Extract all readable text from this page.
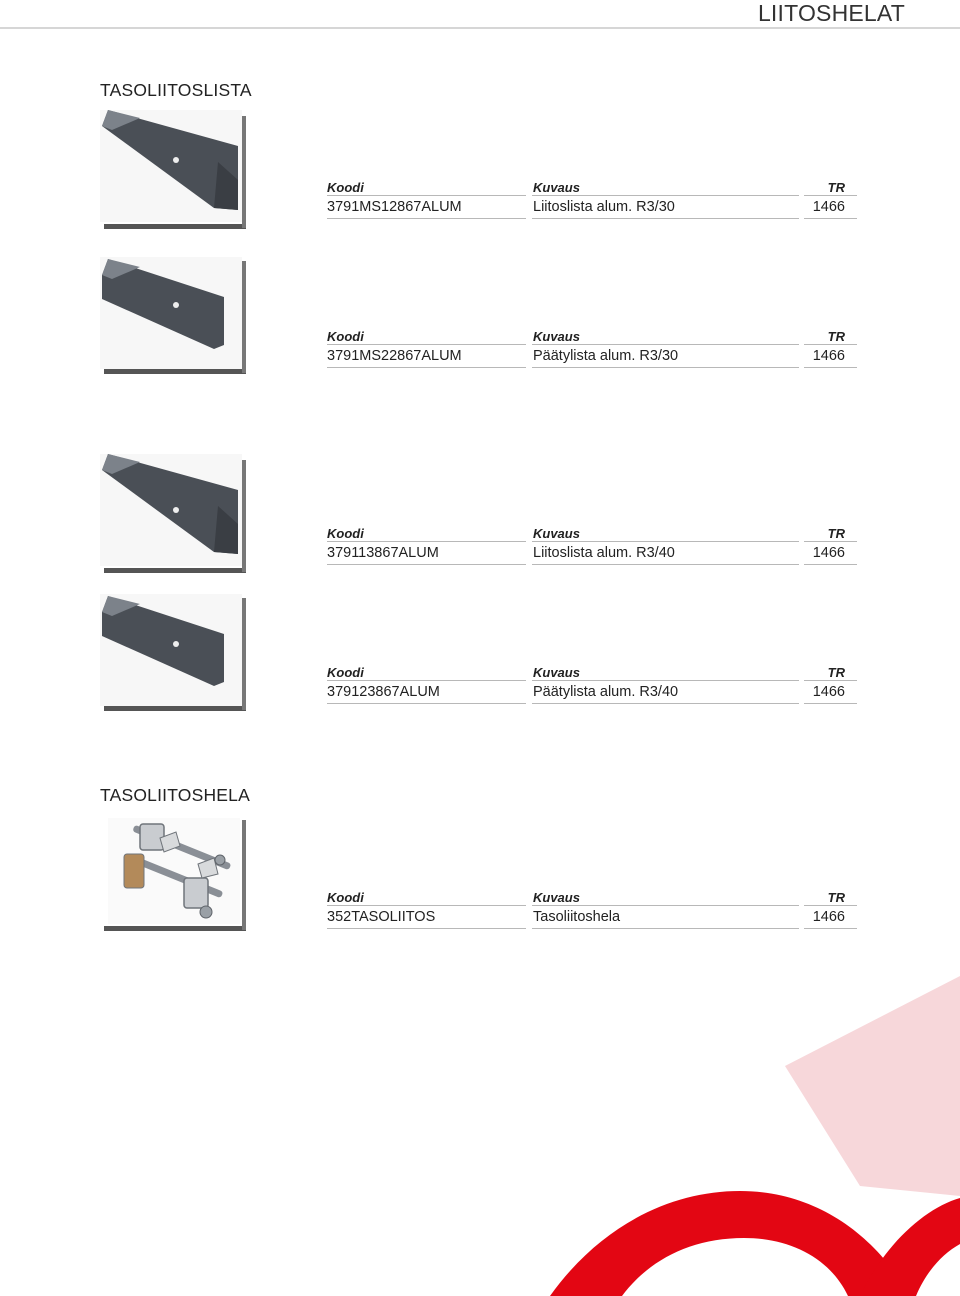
LIITOSHELAT
TASOLIITOSLISTA
Koodi	Kuvaus	TR
3791MS12867ALUM	Liitoslista alum. R3/30	1466
Koodi	Kuvaus	TR
3791MS22867ALUM	Päätylista alum. R3/30	1466
Koodi	Kuvaus	TR
379113867ALUM	Liitoslista alum. R3/40	1466
Koodi	Kuvaus	TR
379123867ALUM	Päätylista alum. R3/40	1466
TASOLIITOSHELA
Koodi	Kuvaus	TR
352TASOLIITOS	Tasoliitoshela	1466
